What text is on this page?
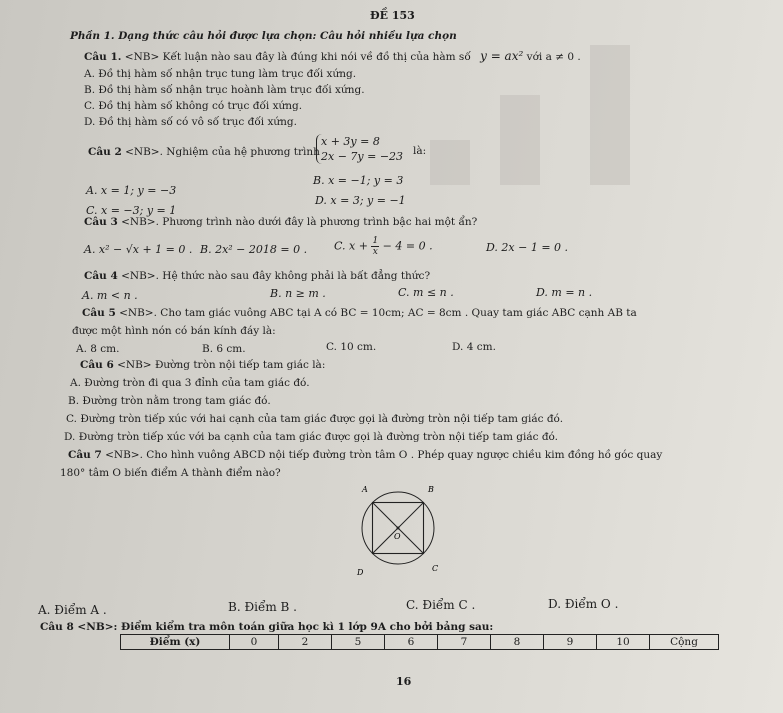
ĐỀ 153
Phần 1. Dạng thức câu hỏi được lựa chọn: Câu hỏi nhiều lựa chọn
Câu 1. <NB> Kết luận nào sau đây là đúng khi nói về đồ thị của hàm số y = ax² với a ≠ 0 .
A. Đồ thị hàm số nhận trục tung làm trục đối xứng.
B. Đồ thị hàm số nhận trục hoành làm trục đối xứng.
C. Đồ thị hàm số không có trục đối xứng.
D. Đồ thị hàm số có vô số trục đối xứng.
Câu 2 <NB>. Nghiệm của hệ phương trình
x + 3y = 8
2x − 7y = −23 là:
B. x = −1; y = 3
A. x = 1; y = −3
D. x = 3; y = −1
C. x = −3; y = 1
Câu 3 <NB>. Phương trình nào dưới đây là phương trình bậc hai một ẩn?
A. x² − √x + 1 = 0 . B. 2x² − 2018 = 0 . C. $x + \frac{1}{x} - 4 = 0$ .	D. 2x − 1 = 0 .
Câu 4 <NB>. Hệ thức nào sau đây không phải là bất đẳng thức?
A. m < n .	B. n ≥ m .	C. m ≤ n .	D. m = n .
Câu 5 <NB>. Cho tam giác vuông ABC tại A có BC = 10cm; AC = 8cm . Quay tam giác ABC cạnh AB ta
được một hình nón có bán kính đáy là:
A. 8 cm.	B. 6 cm.	C. 10 cm.	D. 4 cm.
Câu 6 <NB> Đường tròn nội tiếp tam giác là:
A. Đường tròn đi qua 3 đỉnh của tam giác đó.
B. Đường tròn nằm trong tam giác đó.
C. Đường tròn tiếp xúc với hai cạnh của tam giác được gọi là đường tròn nội tiếp tam giác đó.
D. Đường tròn tiếp xúc với ba cạnh của tam giác được gọi là đường tròn nội tiếp tam giác đó.
Câu 7 <NB>. Cho hình vuông ABCD nội tiếp đường tròn tâm O . Phép quay ngược chiều kim đồng hồ góc quay
180° tâm O biến điểm A thành điểm nào?
A	B
C
D
O
A. Điểm A .	B. Điểm B .	C. Điểm C .	D. Điểm O .
Câu 8 <NB>: Điểm kiểm tra môn toán giữa học kì 1 lớp 9A cho bởi bảng sau:
Điểm (x)	0	2	5	6	7	8	9	10	Cộng
16
